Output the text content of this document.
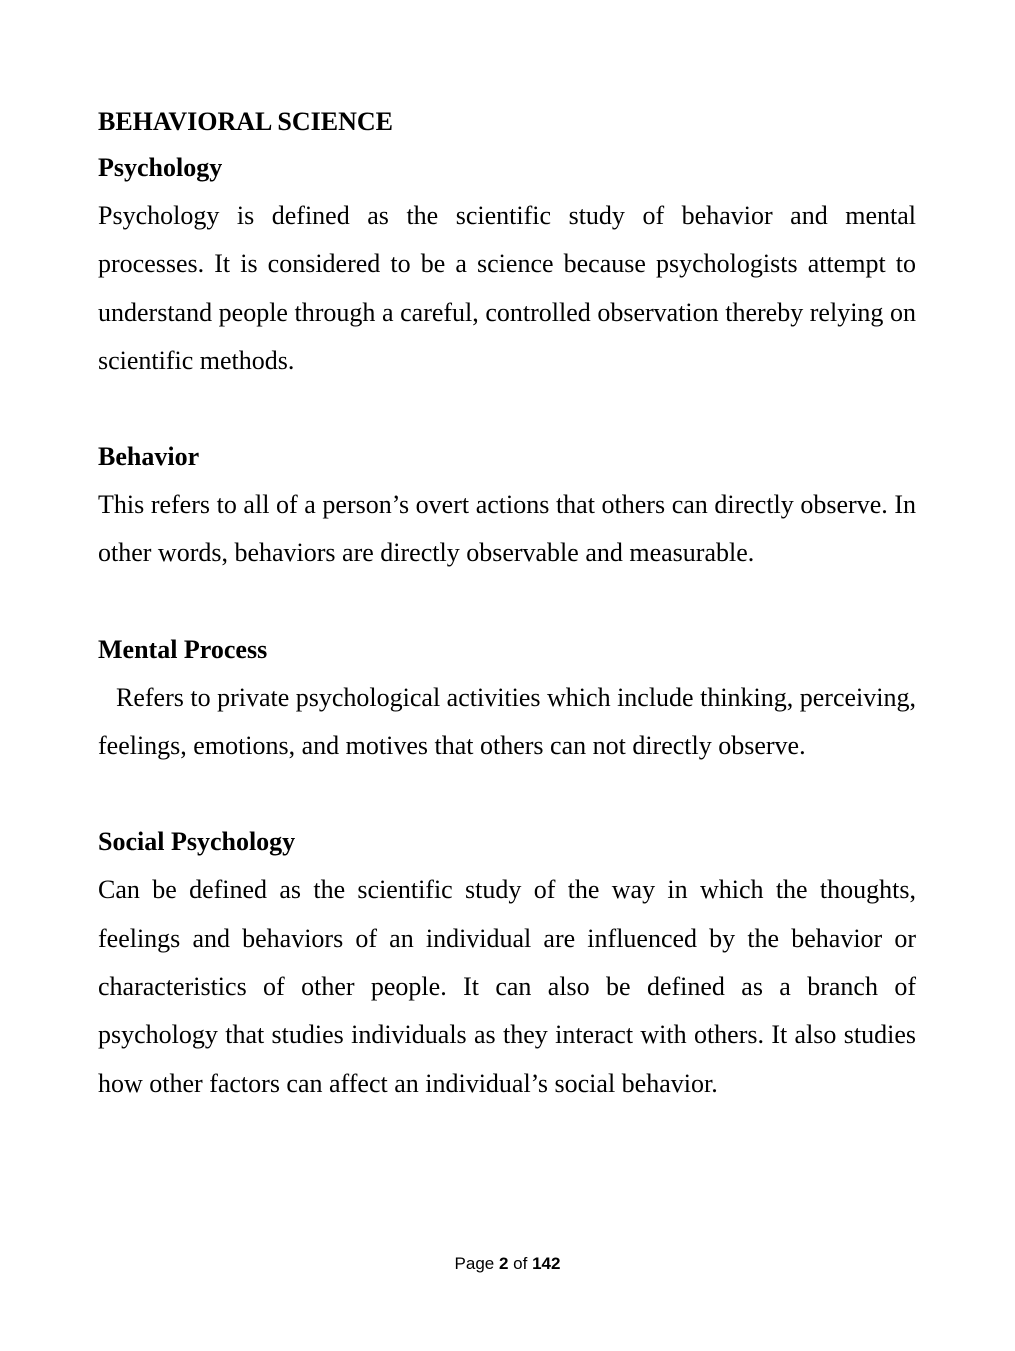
BEHAVIORAL SCIENCE
Psychology

Psychology is defined as the scientific study of behavior and mental processes. It is considered to be a science because psychologists attempt to understand people through a careful, controlled observation thereby relying on scientific methods.

Behavior

This refers to all of a person’s overt actions that others can directly observe. In other words, behaviors are directly observable and measurable.

Mental Process

Refers to private psychological activities which include thinking, perceiving, feelings, emotions, and motives that others can not directly observe.

Social Psychology

Can be defined as the scientific study of the way in which the thoughts, feelings and behaviors of an individual are influenced by the behavior or characteristics of other people. It can also be defined as a branch of psychology that studies individuals as they interact with others. It also studies how other factors can affect an individual’s social behavior.

Page 2 of 142
